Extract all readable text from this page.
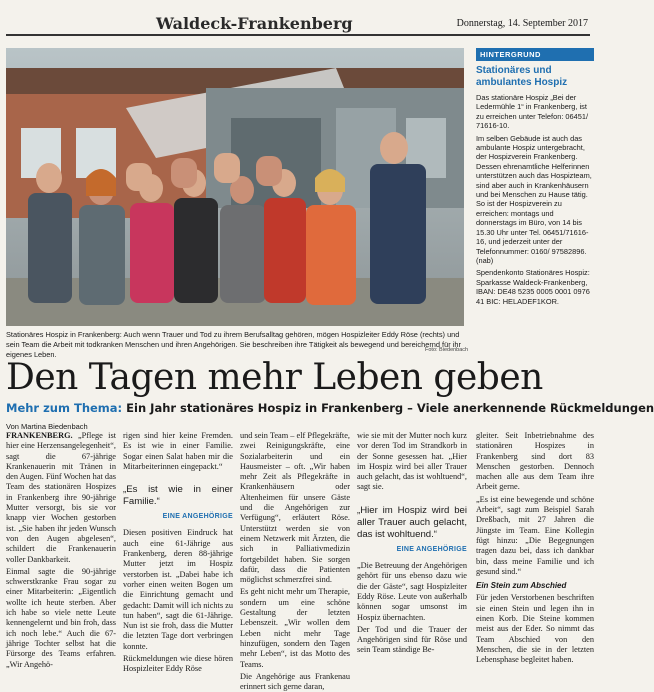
Waldeck-Frankenberg	Donnerstag, 14. September 2017
Stationäres Hospiz in Frankenberg: Auch wenn Trauer und Tod zu ihrem Berufsalltag gehören, mögen Hospizleiter Eddy Röse (rechts) und sein Team die Arbeit mit todkranken Menschen und ihren Angehörigen. Sie beschreiben ihre Tätigkeit als bewegend und bereichernd für ihr eigenes Leben.	Foto: Biedenbach
HINTERGRUND
Stationäres und ambulantes Hospiz

Das stationäre Hospiz „Bei der Ledermühle 1“ in Frankenberg, ist zu erreichen unter Telefon: 06451/ 71616-10.

Im selben Gebäude ist auch das ambulante Hospiz untergebracht, der Hospizverein Frankenberg. Dessen ehrenamtliche Helferinnen unterstützen auch das Hospizteam, sind aber auch in Krankenhäusern und bei Menschen zu Hause tätig. So ist der Hospizverein zu erreichen: montags und donnerstags im Büro, von 14 bis 15.30 Uhr unter Tel. 06451/71616-16, und jederzeit unter der Telefonnummer: 0160/ 97582896. (nab)

Spendenkonto Stationäres Hospiz: Sparkasse Waldeck-Frankenberg, IBAN: DE48 5235 0005 0001 0976 41 BIC: HELADEF1KOR.

Den Tagen mehr Leben geben
Mehr zum Thema: Ein Jahr stationäres Hospiz in Frankenberg – Viele anerkennende Rückmeldungen
Von Martina Biedenbach

FRANKENBERG. „Pflege ist hier eine Herzensangelegenheit“, sagt die 67-jährige Krankenauerin mit Tränen in den Augen. Fünf Wochen hat das Team des stationären Hospizes in Frankenberg ihre 90-jährige Mutter versorgt, bis sie vor knapp vier Wochen gestorben ist. „Sie haben ihr jeden Wunsch von den Augen abgelesen“, schildert die Frankenauerin voller Dankbarkeit.

Einmal sagte die 90-jährige schwerstkranke Frau sogar zu einer Mitarbeiterin: „Eigentlich wollte ich heute sterben. Aber ich habe so viele nette Leute kennengelernt und bin froh, dass ich noch lebe.“ Auch die 67-jährige Tochter selbst hat die Fürsorge des Teams erfahren. „Wir Angehö-

rigen sind hier keine Fremden. Es ist wie in einer Familie. Sogar einen Salat haben mir die Mitarbeiterinnen eingepackt.“

„Es ist wie in einer Familie.“
EINE ANGEHÖRIGE

Diesen positiven Eindruck hat auch eine 61-Jährige aus Frankenberg, deren 88-jährige Mutter jetzt im Hospiz verstorben ist. „Dabei habe ich vorher einen weiten Bogen um die Einrichtung gemacht und gedacht: Damit will ich nichts zu tun haben“, sagt die 61-Jährige. Nun ist sie froh, dass die Mutter die letzten Tage dort verbringen konnte.

Rückmeldungen wie diese hören Hospizleiter Eddy Röse

und sein Team – elf Pflegekräfte, zwei Reinigungskräfte, eine Sozialarbeiterin und ein Hausmeister – oft. „Wir haben mehr Zeit als Pflegekräfte in Krankenhäusern oder Altenheimen für unsere Gäste und die Angehörigen zur Verfügung“, erläutert Röse. Unterstützt werden sie von einem Netzwerk mit Ärzten, die sich in Palliativmedizin fortgebildet haben. Sie sorgen dafür, dass die Patienten möglichst schmerzfrei sind.

Es geht nicht mehr um Therapie, sondern um eine schöne Gestaltung der letzten Lebenszeit. „Wir wollen dem Leben nicht mehr Tage hinzufügen, sondern den Tagen mehr Leben“, ist das Motto des Teams.

Die Angehörige aus Frankenau erinnert sich gerne daran,

wie sie mit der Mutter noch kurz vor deren Tod im Strandkorb in der Sonne gesessen hat. „Hier im Hospiz wird bei aller Trauer auch gelacht, das ist wohltuend“, sagt sie.

„Hier im Hospiz wird bei aller Trauer auch gelacht, das ist wohltuend.“
EINE ANGEHÖRIGE

„Die Betreuung der Angehörigen gehört für uns ebenso dazu wie die der Gäste“, sagt Hospizleiter Eddy Röse. Leute von außerhalb können sogar umsonst im Hospiz übernachten.

Der Tod und die Trauer der Angehörigen sind für Röse und sein Team ständige Be-

gleiter. Seit Inbetriebnahme des stationären Hospizes in Frankenberg sind dort 83 Menschen gestorben. Dennoch machen alle aus dem Team ihre Arbeit gerne.

„Es ist eine bewegende und schöne Arbeit“, sagt zum Beispiel Sarah Dreßbach, mit 27 Jahren die Jüngste im Team. Eine Kollegin fügt hinzu: „Die Begegnungen tragen dazu bei, dass ich dankbar bin, dass meine Familie und ich gesund sind.“

Ein Stein zum Abschied

Für jeden Verstorbenen beschriften sie einen Stein und legen ihn in einen Korb. Die Steine kommen meist aus der Eder. So nimmt das Team Abschied von den Menschen, die sie in der letzten Lebensphase begleitet haben.
